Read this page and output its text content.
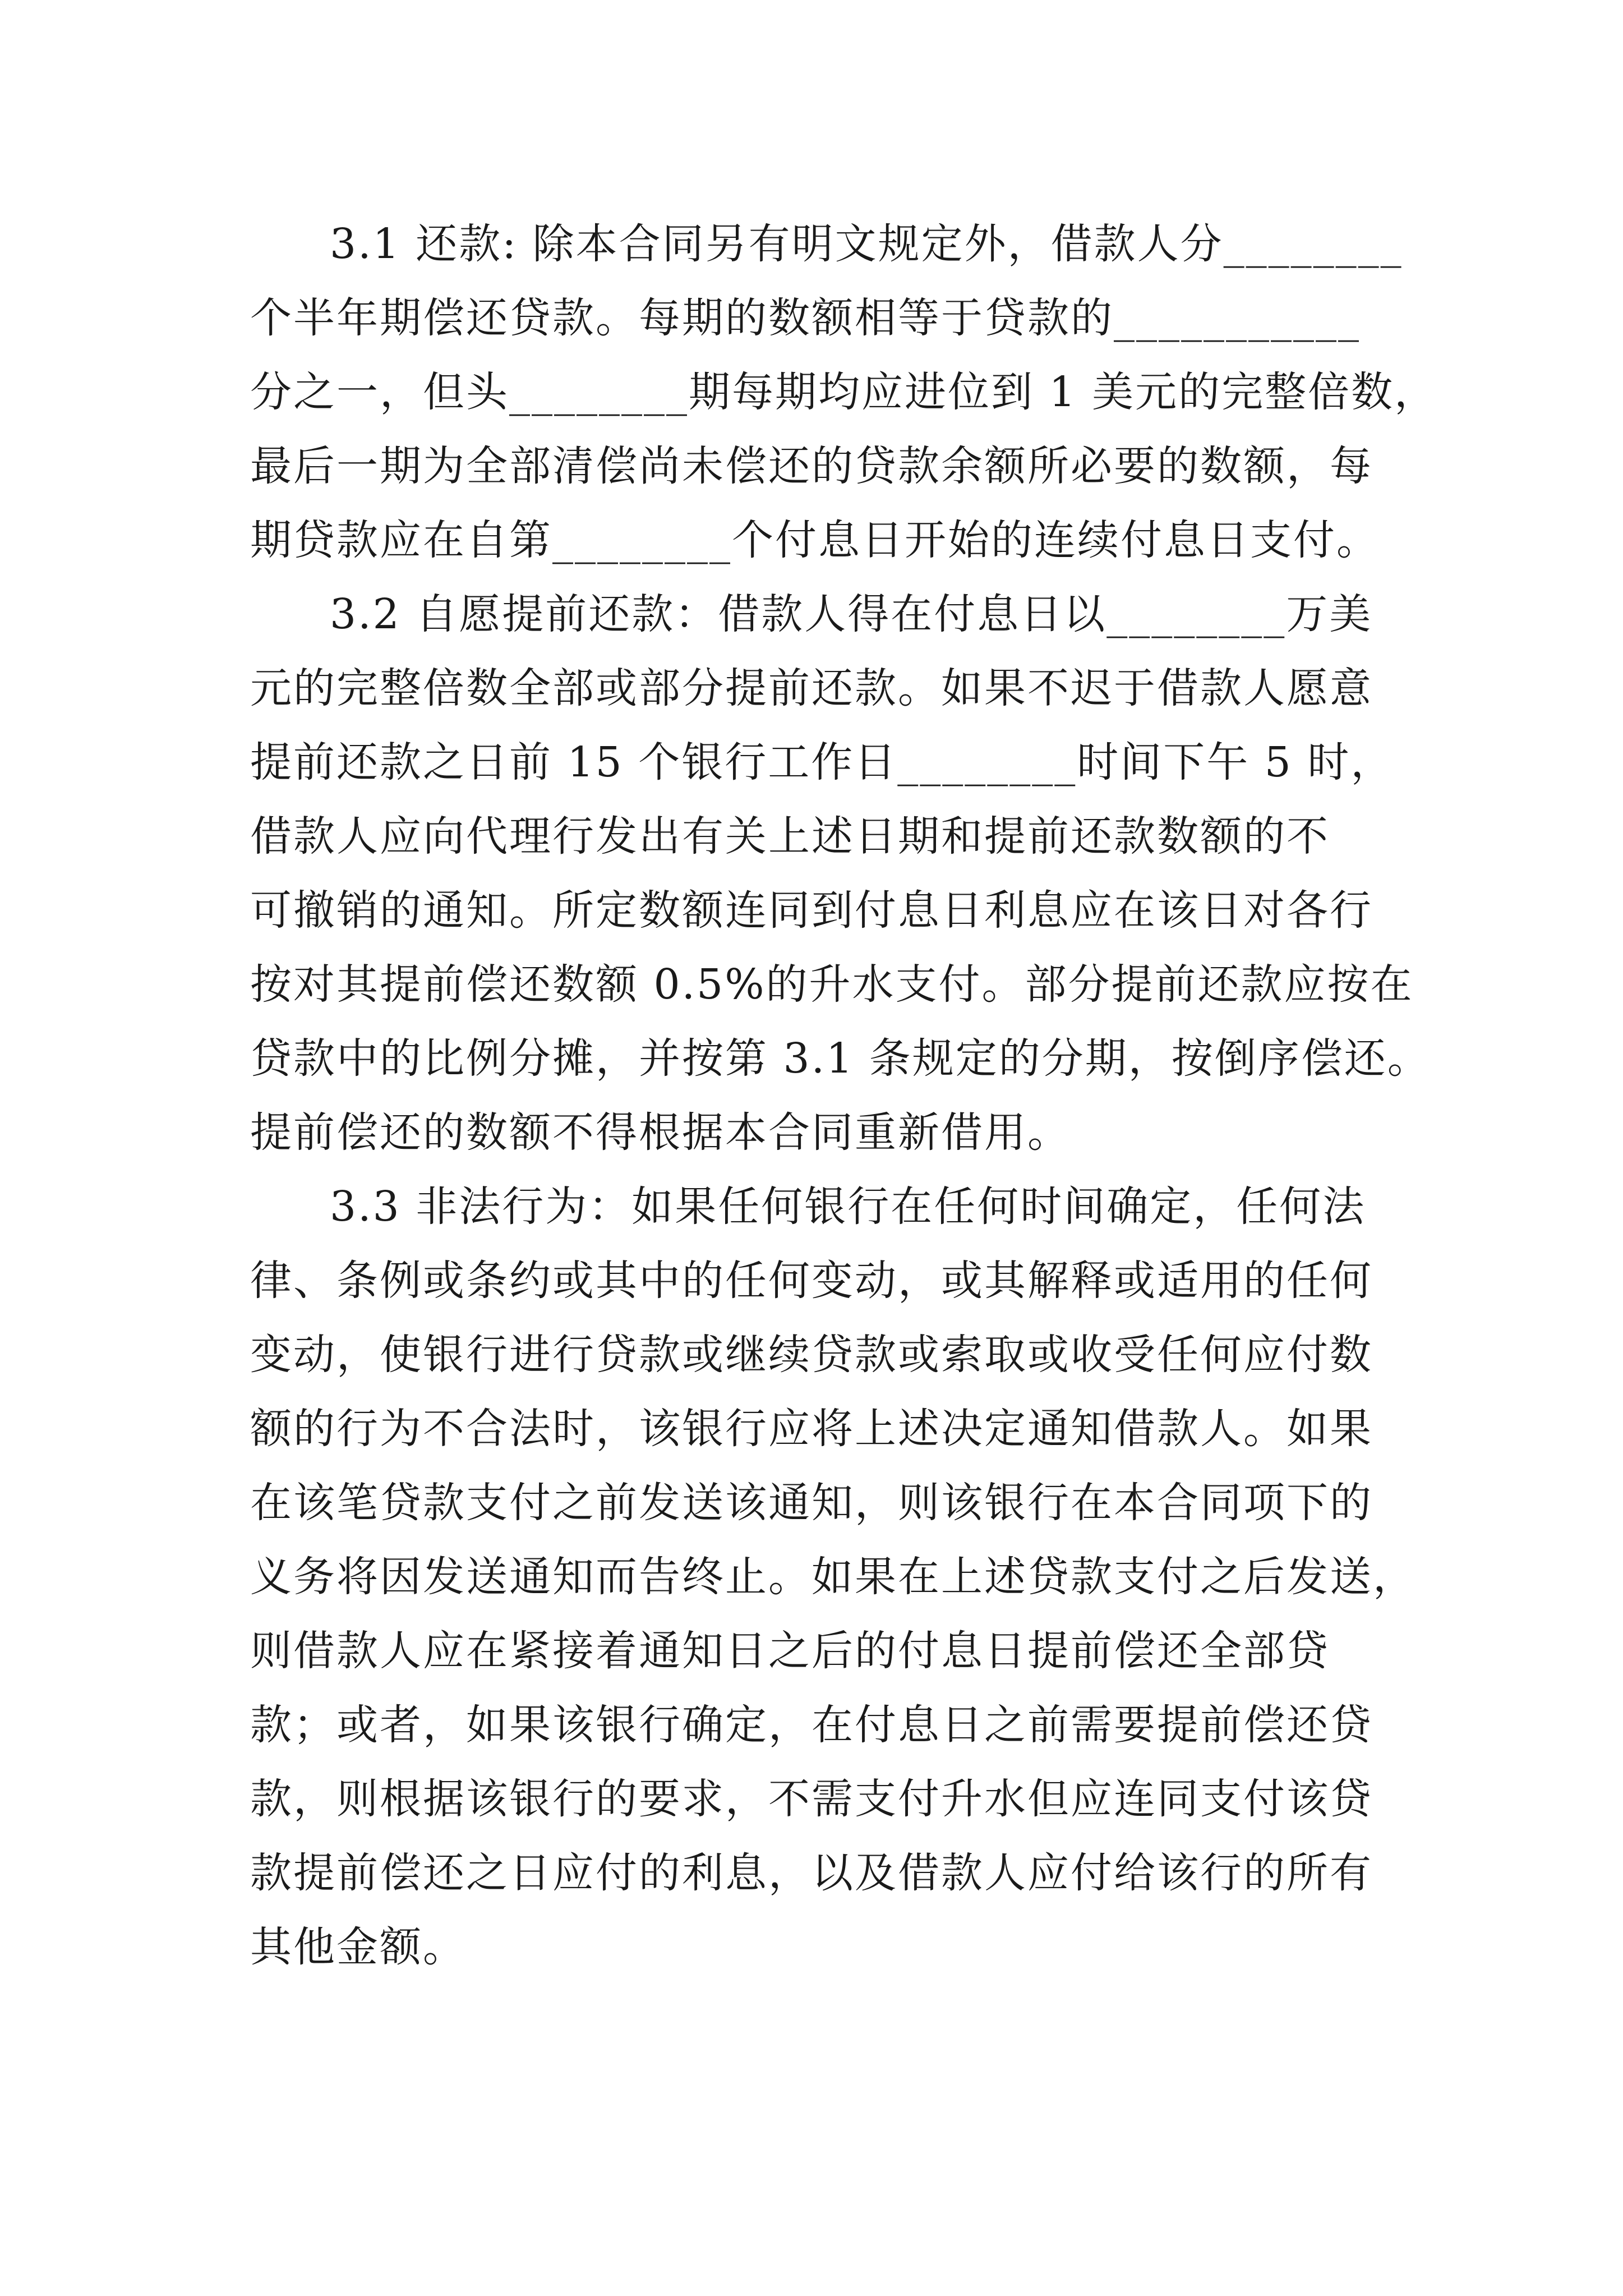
3.1 还款: 除本合同另有明文规定外，借款人分________
个半年期偿还贷款。每期的数额相等于贷款的___________
分之一，但头________期每期均应进位到 1 美元的完整倍数，
最后一期为全部清偿尚未偿还的贷款余额所必要的数额，每
期贷款应在自第________个付息日开始的连续付息日支付。
3.2 自愿提前还款：借款人得在付息日以________万美
元的完整倍数全部或部分提前还款。如果不迟于借款人愿意
提前还款之日前 15 个银行工作日________时间下午 5 时，
借款人应向代理行发出有关上述日期和提前还款数额的不
可撤销的通知。所定数额连同到付息日利息应在该日对各行
按对其提前偿还数额 0.5%的升水支付。部分提前还款应按在
贷款中的比例分摊，并按第 3.1 条规定的分期，按倒序偿还。
提前偿还的数额不得根据本合同重新借用。
3.3 非法行为：如果任何银行在任何时间确定，任何法
律、条例或条约或其中的任何变动，或其解释或适用的任何
变动，使银行进行贷款或继续贷款或索取或收受任何应付数
额的行为不合法时，该银行应将上述决定通知借款人。如果
在该笔贷款支付之前发送该通知，则该银行在本合同项下的
义务将因发送通知而告终止。如果在上述贷款支付之后发送，
则借款人应在紧接着通知日之后的付息日提前偿还全部贷
款；或者，如果该银行确定，在付息日之前需要提前偿还贷
款，则根据该银行的要求，不需支付升水但应连同支付该贷
款提前偿还之日应付的利息，以及借款人应付给该行的所有
其他金额。
